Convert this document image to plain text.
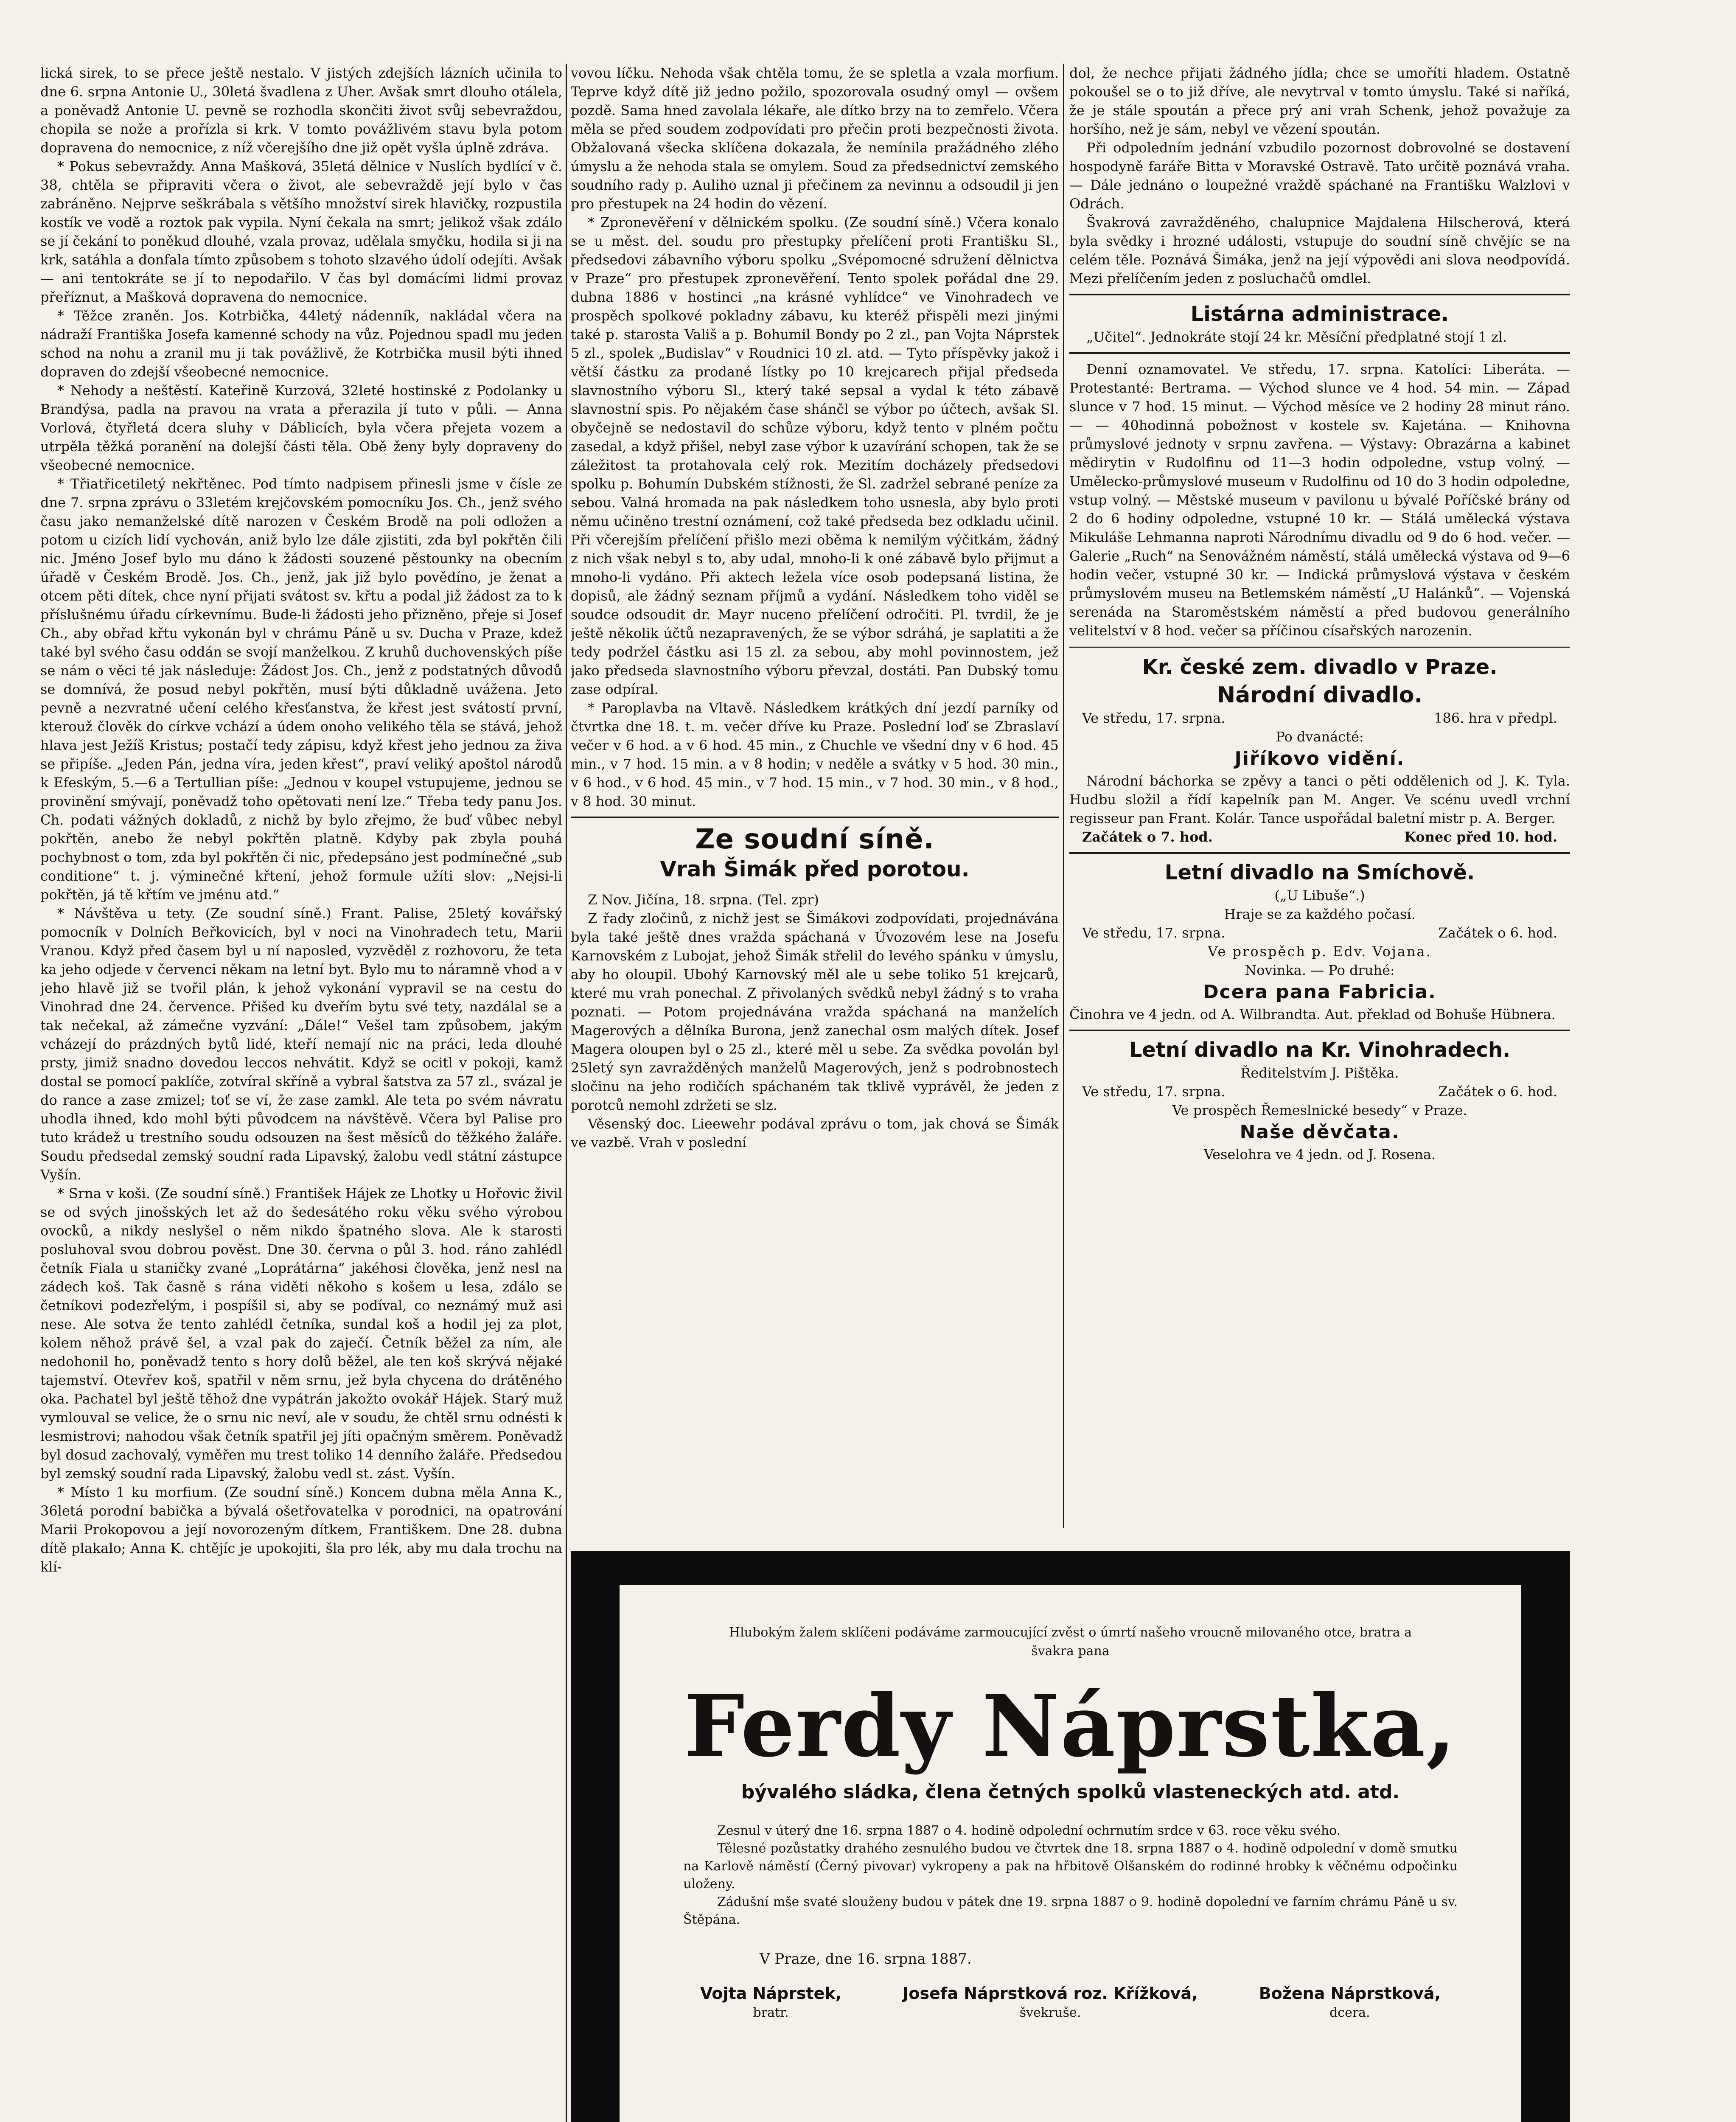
lická sirek, to se přece ještě nestalo. V jistých zdejších lázních učinila to dne 6. srpna Antonie U., 30letá švadlena z Uher. Avšak smrt dlouho otálela, a poněvadž Antonie U. pevně se rozhodla skončiti život svůj sebevraždou, chopila se nože a prořízla si krk. V tomto povážlivém stavu byla potom dopravena do nemocnice, z níž včerejšího dne již opět vyšla úplně zdráva.

* Pokus sebevraždy. Anna Mašková, 35letá dělnice v Nuslích bydlící v č. 38, chtěla se připraviti včera o život, ale sebevraždě její bylo v čas zabráněno. Nejprve seškrábala s většího množství sirek hlavičky, rozpustila kostík ve vodě a roztok pak vypila. Nyní čekala na smrt; jelikož však zdálo se jí čekání to poněkud dlouhé, vzala provaz, udělala smyčku, hodila si ji na krk, satáhla a donfala tímto způsobem s tohoto slzavého údolí odejíti. Avšak — ani tentokráte se jí to nepodařilo. V čas byl domácími lidmi provaz přeříznut, a Mašková dopravena do nemocnice.

* Těžce zraněn. Jos. Kotrbička, 44letý nádenník, nakládal včera na nádraží Františka Josefa kamenné schody na vůz. Pojednou spadl mu jeden schod na nohu a zranil mu ji tak povážlivě, že Kotrbička musil býti ihned dopraven do zdejší všeobecné nemocnice.

* Nehody a neštěstí. Kateřině Kurzová, 32leté hostinské z Podolanky u Brandýsa, padla na pravou na vrata a přerazila jí tuto v půli. — Anna Vorlová, čtyřletá dcera sluhy v Dáblicích, byla včera přejeta vozem a utrpěla těžká poranění na dolejší části těla. Obě ženy byly dopraveny do všeobecné nemocnice.

* Třiatřicetiletý nekřtěnec. Pod tímto nadpisem přinesli jsme v čísle ze dne 7. srpna zprávu o 33letém krejčovském pomocníku Jos. Ch., jenž svého času jako nemanželské dítě narozen v Českém Brodě na poli odložen a potom u cizích lidí vychován, aniž bylo lze dále zjistiti, zda byl pokřtěn čili nic. Jméno Josef bylo mu dáno k žádosti souzené pěstounky na obecním úřadě v Českém Brodě. Jos. Ch., jenž, jak již bylo povědíno, je ženat a otcem pěti dítek, chce nyní přijati svátost sv. křtu a podal již žádost za to k příslušnému úřadu církevnímu. Bude-li žádosti jeho přizněno, přeje si Josef Ch., aby obřad křtu vykonán byl v chrámu Páně u sv. Ducha v Praze, kdež také byl svého času oddán se svojí manželkou. Z kruhů duchovenských píše se nám o věci té jak následuje: Žádost Jos. Ch., jenž z podstatných důvodů se domnívá, že posud nebyl pokřtěn, musí býti důkladně uvážena. Jeto pevně a nezvratné učení celého křesťanstva, že křest jest svátostí první, kterouž člověk do církve vchází a údem onoho velikého těla se stává, jehož hlava jest Ježíš Kristus; postačí tedy zápisu, když křest jeho jednou za živa se připíše. „Jeden Pán, jedna víra, jeden křest“, praví veliký apoštol národů k Efeským, 5.—6 a Tertullian píše: „Jednou v koupel vstupujeme, jednou se provinění smývají, poněvadž toho opětovati není lze.“ Třeba tedy panu Jos. Ch. podati vážných dokladů, z nichž by bylo zřejmo, že buď vůbec nebyl pokřtěn, anebo že nebyl pokřtěn platně. Kdyby pak zbyla pouhá pochybnost o tom, zda byl pokřtěn či nic, předepsáno jest podmínečné „sub conditione“ t. j. výminečné křtení, jehož formule užíti slov: „Nejsi-li pokřtěn, já tě křtím ve jménu atd.“

* Návštěva u tety. (Ze soudní síně.) Frant. Palise, 25letý kovářský pomocník v Dolních Beřkovicích, byl v noci na Vinohradech tetu, Marii Vranou. Když před časem byl u ní naposled, vyzvěděl z rozhovoru, že teta ka jeho odjede v červenci někam na letní byt. Bylo mu to náramně vhod a v jeho hlavě již se tvořil plán, k jehož vykonání vypravil se na cestu do Vinohrad dne 24. července. Přišed ku dveřím bytu své tety, nazdálal se a tak nečekal, až zámečne vyzvání: „Dále!“ Vešel tam způsobem, jakým vcházejí do prázdných bytů lidé, kteří nemají nic na práci, leda dlouhé prsty, jimiž snadno dovedou leccos nehvátit. Když se ocitl v pokoji, kamž dostal se pomocí paklíče, zotvíral skříně a vybral šatstva za 57 zl., svázal je do rance a zase zmizel; toť se ví, že zase zamkl. Ale teta po svém návratu uhodla ihned, kdo mohl býti původcem na návštěvě. Včera byl Palise pro tuto krádež u trestního soudu odsouzen na šest měsíců do těžkého žaláře. Soudu předsedal zemský soudní rada Lipavský, žalobu vedl státní zástupce Vyšín.

* Srna v koši. (Ze soudní síně.) František Hájek ze Lhotky u Hořovic živil se od svých jinošských let až do šedesátého roku věku svého výrobou ovocků, a nikdy neslyšel o něm nikdo špatného slova. Ale k starosti posluhoval svou dobrou pověst. Dne 30. června o půl 3. hod. ráno zahlédl četník Fiala u staničky zvané „Loprátárna“ jakéhosi člověka, jenž nesl na zádech koš. Tak časně s rána viděti někoho s košem u lesa, zdálo se četníkovi podezřelým, i pospíšil si, aby se podíval, co neznámý muž asi nese. Ale sotva že tento zahlédl četníka, sundal koš a hodil jej za plot, kolem něhož právě šel, a vzal pak do zaječí. Četník běžel za ním, ale nedohonil ho, poněvadž tento s hory dolů běžel, ale ten koš skrývá nějaké tajemství. Otevřev koš, spatřil v něm srnu, jež byla chycena do drátěného oka. Pachatel byl ještě těhož dne vypátrán jakožto ovokář Hájek. Starý muž vymlouval se velice, že o srnu nic neví, ale v soudu, že chtěl srnu odnésti k lesmistrovi; nahodou však četník spatřil jej jíti opačným směrem. Poněvadž byl dosud zachovalý, vyměřen mu trest toliko 14 denního žaláře. Předsedou byl zemský soudní rada Lipavský, žalobu vedl st. zást. Vyšín.

* Místo 1 ku morfium. (Ze soudní síně.) Koncem dubna měla Anna K., 36letá porodní babička a bývalá ošetřovatelka v porodnici, na opatrování Marii Prokopovou a její novorozeným dítkem, Františkem. Dne 28. dubna dítě plakalo; Anna K. chtějíc je upokojiti, šla pro lék, aby mu dala trochu na klí-

vovou líčku. Nehoda však chtěla tomu, že se spletla a vzala morfium. Teprve když dítě již jedno požilo, spozorovala osudný omyl — ovšem pozdě. Sama hned zavolala lékaře, ale dítko brzy na to zemřelo. Včera měla se před soudem zodpovídati pro přečin proti bezpečnosti života. Obžalovaná všecka sklíčena dokazala, že nemínila pražádného zlého úmyslu a že nehoda stala se omylem. Soud za předsednictví zemského soudního rady p. Auliho uznal ji přečinem za nevinnu a odsoudil ji jen pro přestupek na 24 hodin do vězení.

* Zpronevěření v dělnickém spolku. (Ze soudní síně.) Včera konalo se u měst. del. soudu pro přestupky přelíčení proti Františku Sl., předsedovi zábavního výboru spolku „Svépomocné sdružení dělnictva v Praze“ pro přestupek zpronevěření. Tento spolek pořádal dne 29. dubna 1886 v hostinci „na krásné vyhlídce“ ve Vinohradech ve prospěch spolkové pokladny zábavu, ku kteréž přispěli mezi jinými také p. starosta Vališ a p. Bohumil Bondy po 2 zl., pan Vojta Náprstek 5 zl., spolek „Budislav“ v Roudnici 10 zl. atd. — Tyto příspěvky jakož i větší částku za prodané lístky po 10 krejcarech přijal předseda slavnostního výboru Sl., který také sepsal a vydal k této zábavě slavnostní spis. Po nějakém čase shánčl se výbor po účtech, avšak Sl. obyčejně se nedostavil do schůze výboru, když tento v plném počtu zasedal, a když přišel, nebyl zase výbor k uzavírání schopen, tak že se záležitost ta protahovala celý rok. Mezitím docházely předsedovi spolku p. Bohumín Dubském stížnosti, že Sl. zadržel sebrané peníze za sebou. Valná hromada na pak následkem toho usnesla, aby bylo proti němu učiněno trestní oznámení, což také předseda bez odkladu učinil. Při včerejším přelíčení přišlo mezi oběma k nemilým výčitkám, žádný z nich však nebyl s to, aby udal, mnoho-li k oné zábavě bylo přijmut a mnoho-li vydáno. Při aktech ležela více osob podepsaná listina, že dopisů, ale žádný seznam příjmů a vydání. Následkem toho viděl se soudce odsoudit dr. Mayr nuceno přelíčení odročiti. Pl. tvrdil, že je ještě několik účtů nezapravených, že se výbor sdráhá, je saplatiti a že tedy podržel částku asi 15 zl. za sebou, aby mohl povinnostem, jež jako předseda slavnostního výboru převzal, dostáti. Pan Dubský tomu zase odpíral.

* Paroplavba na Vltavě. Následkem krátkých dní jezdí parníky od čtvrtka dne 18. t. m. večer dříve ku Praze. Poslední loď se Zbraslaví večer v 6 hod. a v 6 hod. 45 min., z Chuchle ve všední dny v 6 hod. 45 min., v 7 hod. 15 min. a v 8 hodin; v neděle a svátky v 5 hod. 30 min., v 6 hod., v 6 hod. 45 min., v 7 hod. 15 min., v 7 hod. 30 min., v 8 hod., v 8 hod. 30 minut.

Ze soudní síně.
Vrah Šimák před porotou.

Z Nov. Jičína, 18. srpna. (Tel. zpr)

Z řady zločinů, z nichž jest se Šimákovi zodpovídati, projednávána byla také ještě dnes vražda spáchaná v Úvozovém lese na Josefu Karnovském z Lubojat, jehož Šimák střelil do levého spánku v úmyslu, aby ho oloupil. Ubohý Karnovský měl ale u sebe toliko 51 krejcarů, které mu vrah ponechal. Z přivolaných svědků nebyl žádný s to vraha poznati. — Potom projednávána vražda spáchaná na manželích Magerových a dělníka Buronа, jenž zanechal osm malých dítek. Josef Magera oloupen byl o 25 zl., které měl u sebe. Za svědka povolán byl 25letý syn zavražděných manželů Magerových, jenž s podrobnostech sločinu na jeho rodičích spáchaném tak tklivě vyprávěl, že jeden z porotců nemohl zdržeti se slz.

Věsenský doc. Lieewehr podával zprávu o tom, jak chová se Šimák ve vazbě. Vrah v poslední

dol, že nechce přijati žádného jídla; chce se umoříti hladem. Ostatně pokoušel se o to již dříve, ale nevytrval v tomto úmyslu. Také si naříká, že je stále spoután a přece prý ani vrah Schenk, jehož považuje za horšího, než je sám, nebyl ve vězení spoután.

Při odpoledním jednání vzbudilo pozornost dobrovolné se dostavení hospodyně faráře Bitta v Moravské Ostravě. Tato určitě poznává vraha. — Dále jednáno o loupežné vraždě spáchané na Františku Walzlovi v Odrách.

Švakrová zavražděného, chalupnice Majdalena Hilscherová, která byla svědky i hrozné události, vstupuje do soudní síně chvějíc se na celém těle. Poznává Šimáka, jenž na její výpovědi ani slova neodpovídá. Mezi přelíčením jeden z posluchačů omdlel.

Listárna administrace.

„Učitel“. Jednokráte stojí 24 kr. Měsíční předplatné stojí 1 zl.

Denní oznamovatel. Ve středu, 17. srpna. Katolíci: Liberáta. — Protestanté: Bertrama. — Východ slunce ve 4 hod. 54 min. — Západ slunce v 7 hod. 15 minut. — Východ měsíce ve 2 hodiny 28 minut ráno. — — 40hodinná pobožnost v kostele sv. Kajetána. — Knihovna průmyslové jednoty v srpnu zavřena. — Výstavy: Obrazárna a kabinet mědirytin v Rudolfinu od 11—3 hodin odpoledne, vstup volný. — Umělecko-průmyslové museum v Rudolfinu od 10 do 3 hodin odpoledne, vstup volný. — Městské museum v pavilonu u bývalé Poříčské brány od 2 do 6 hodiny odpoledne, vstupné 10 kr. — Stálá umělecká výstava Mikuláše Lehmanna naproti Národnímu divadlu od 9 do 6 hod. večer. — Galerie „Ruch“ na Senovážném náměstí, stálá umělecká výstava od 9—6 hodin večer, vstupné 30 kr. — Indická průmyslová výstava v českém průmyslovém museu na Betlemském náměstí „U Halánků“. — Vojenská serenáda na Staroměstském náměstí a před budovou generálního velitelství v 8 hod. večer sa příčinou císařských narozenin.

Kr. české zem. divadlo v Praze.
Národní divadlo.
Ve středu, 17. srpna.	186. hra v předpl.

Po dvanácté:

Jiříkovo vidění.

Národní báchorka se zpěvy a tanci o pěti oddělenich od J. K. Tyla. Hudbu složil a řídí kapelník pan M. Anger. Ve scénu uvedl vrchní regisseur pan Frant. Kolár. Tance uspořádal baletní mistr p. A. Berger.

Začátek o 7. hod.	Konec před 10. hod.
Letní divadlo na Smíchově.

(„U Libuše“.)

Hraje se za každého počasí.

Ve středu, 17. srpna.	Začátek o 6. hod.

Ve prospěch p. Edv. Vojana.

Novinka. — Po druhé:

Dcera pana Fabricia.

Činohra ve 4 jedn. od A. Wilbrandta. Aut. překlad od Bohuše Hübnera.

Letní divadlo na Kr. Vinohradech.

Ředitelstvím J. Pištěka.

Ve středu, 17. srpna.	Začátek o 6. hod.

Ve prospěch Řemeslnické besedy“ v Praze.

Naše děvčata.

Veselohra ve 4 jedn. od J. Rosena.

Hlubokým žalem sklíčeni podáváme zarmoucující zvěst o úmrtí našeho vroucně milovaného otce, bratra a švakra pana

Ferdy Náprstka,
bývalého sládka, člena četných spolků vlasteneckých atd. atd.

Zesnul v úterý dne 16. srpna 1887 o 4. hodině odpolední ochrnutím srdce v 63. roce věku svého.

Tělesné pozůstatky drahého zesnulého budou ve čtvrtek dne 18. srpna 1887 o 4. hodině odpolední v domě smutku na Karlově náměstí (Černý pivovar) vykropeny a pak na hřbitově Olšanském do rodinné hrobky k věčnému odpočinku uloženy.

Zádušní mše svaté slouženy budou v pátek dne 19. srpna 1887 o 9. hodině dopolední ve farním chrámu Páně u sv. Štěpána.

V Praze, dne 16. srpna 1887.

Vojta Náprstek,
bratr.
Josefa Náprstková roz. Křížková,
švekruše.
Božena Náprstková,
dcera.
